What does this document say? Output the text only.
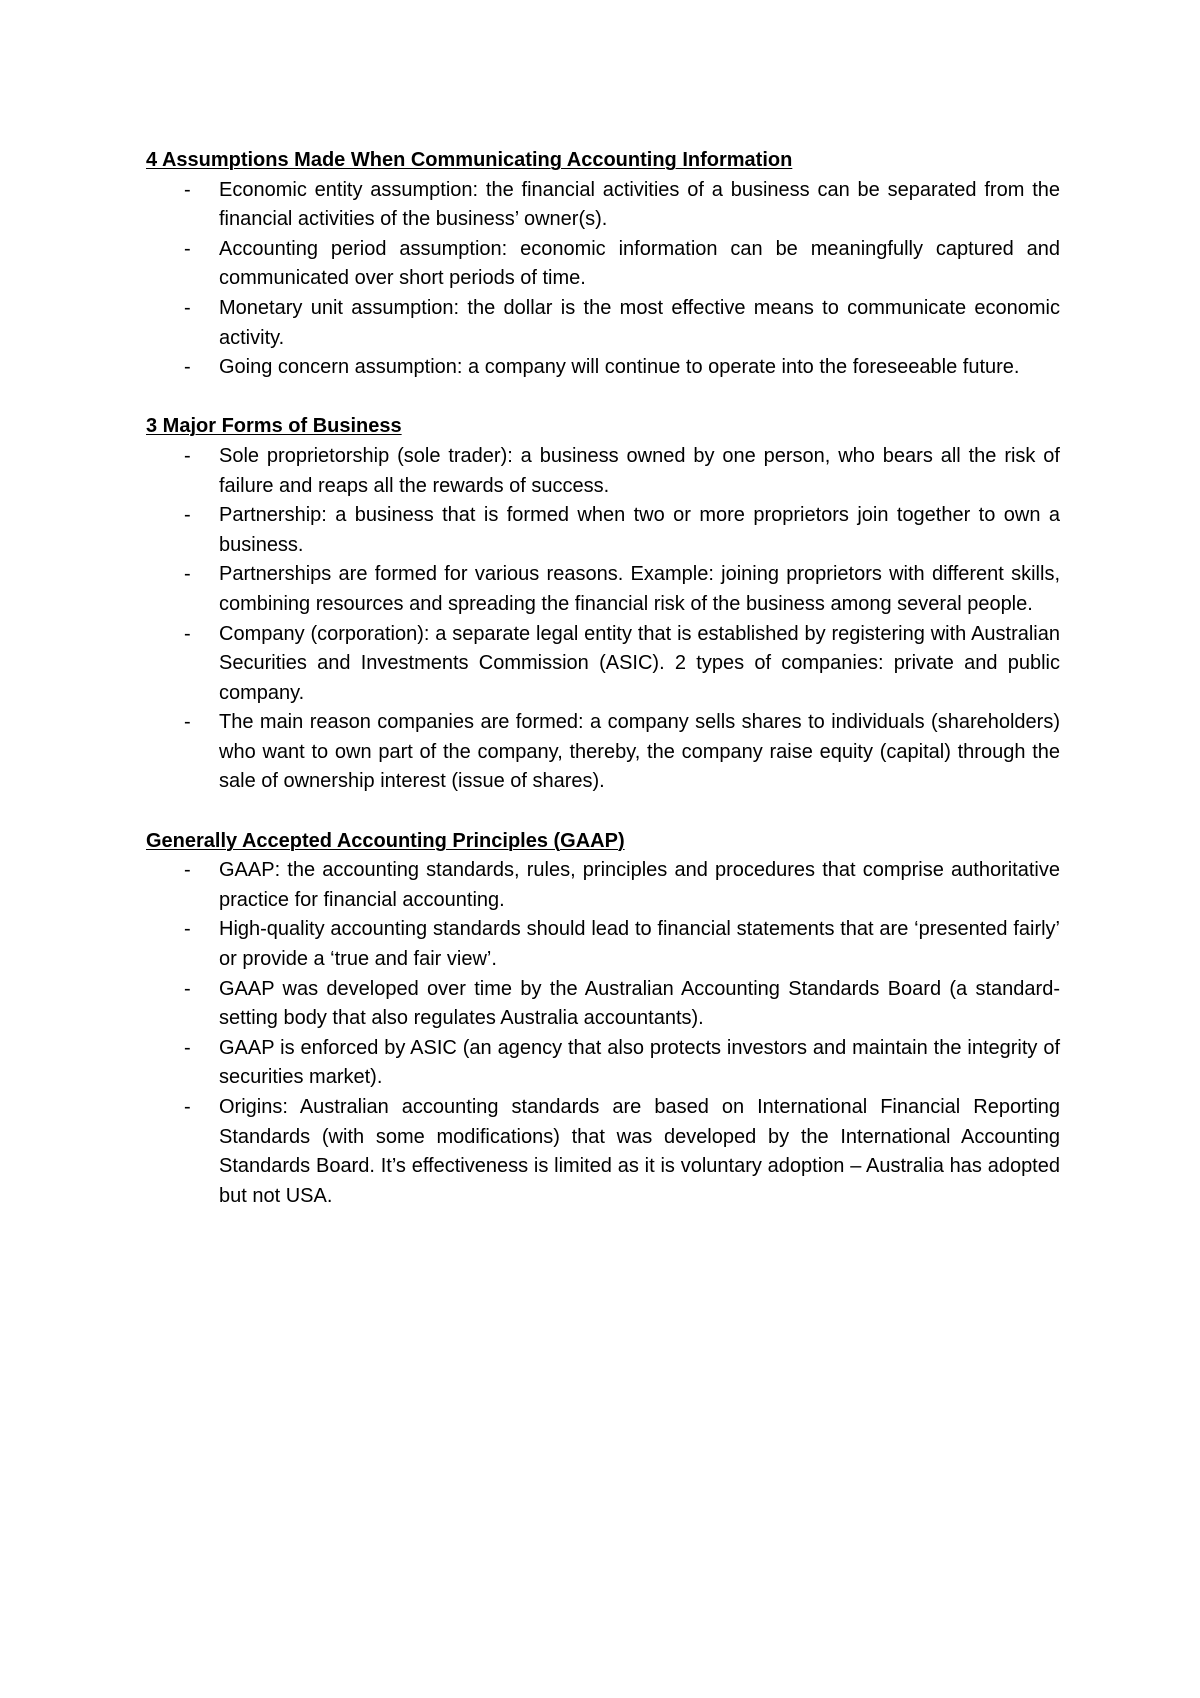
4 Assumptions Made When Communicating Accounting Information

- Economic entity assumption: the financial activities of a business can be separated from the financial activities of the business’ owner(s).
- Accounting period assumption: economic information can be meaningfully captured and communicated over short periods of time.
- Monetary unit assumption: the dollar is the most effective means to communicate economic activity.
- Going concern assumption: a company will continue to operate into the foreseeable future.

3 Major Forms of Business

- Sole proprietorship (sole trader): a business owned by one person, who bears all the risk of failure and reaps all the rewards of success.
- Partnership: a business that is formed when two or more proprietors join together to own a business.
- Partnerships are formed for various reasons. Example: joining proprietors with different skills, combining resources and spreading the financial risk of the business among several people.
- Company (corporation): a separate legal entity that is established by registering with Australian Securities and Investments Commission (ASIC). 2 types of companies: private and public company.
- The main reason companies are formed: a company sells shares to individuals (shareholders) who want to own part of the company, thereby, the company raise equity (capital) through the sale of ownership interest (issue of shares).

Generally Accepted Accounting Principles (GAAP)

- GAAP: the accounting standards, rules, principles and procedures that comprise authoritative practice for financial accounting.
- High-quality accounting standards should lead to financial statements that are ‘presented fairly’ or provide a ‘true and fair view’.
- GAAP was developed over time by the Australian Accounting Standards Board (a standard-setting body that also regulates Australia accountants).
- GAAP is enforced by ASIC (an agency that also protects investors and maintain the integrity of securities market).
- Origins: Australian accounting standards are based on International Financial Reporting Standards (with some modifications) that was developed by the International Accounting Standards Board. It’s effectiveness is limited as it is voluntary adoption – Australia has adopted but not USA.
